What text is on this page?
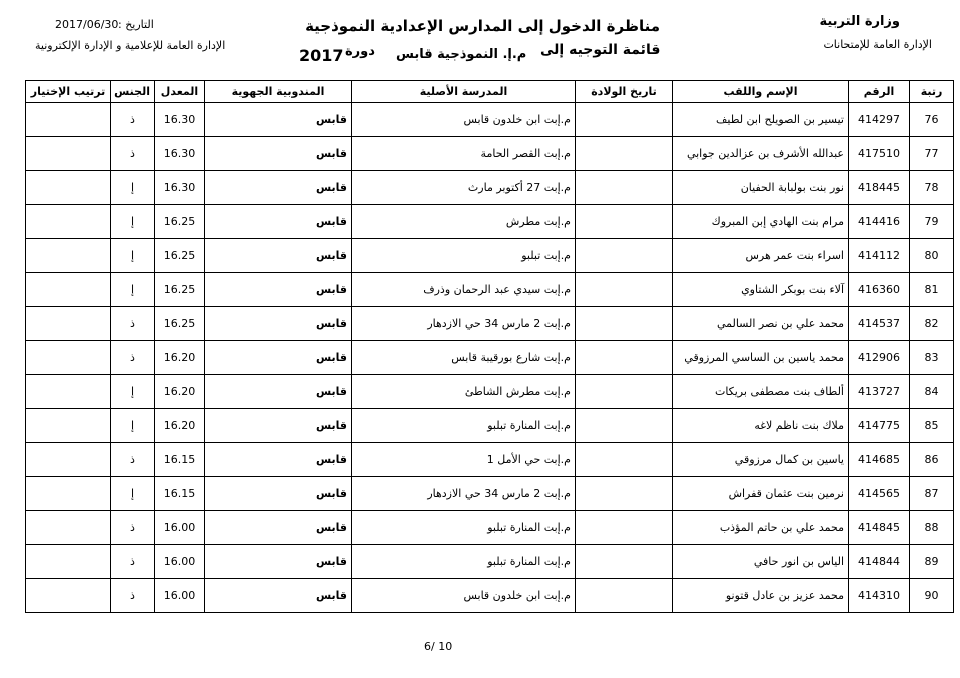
وزارة التربية
الإدارة العامة للإمتحانات
التاريخ :
2017/06/30
الإدارة العامة للإعلامية و الإدارة الإلكترونية
مناظرة الدخول إلى المدارس الإعدادية النموذجية
قائمة التوجيه إلى
م.إ. النموذجية قابس
دورة
2017
رتبة	الرقم	الإسم واللقب	تاريخ الولادة	المدرسة الأصلية	المندوبية الجهوية	المعدل	الجنس	ترتيب الإختيار
76	414297	تيسير بن الصويلح ابن لطيف		م.إبت ابن خلدون قابس	قابس	16.30	ذ	
77	417510	عبدالله الأشرف بن عزالدين جوابي		م.إبت القصر الحامة	قابس	16.30	ذ	
78	418445	نور بنت بولبابة الحفيان		م.إبت 27 أكتوبر مارث	قابس	16.30	إ	
79	414416	مرام بنت الهادي إبن المبروك		م.إبت مطرش	قابس	16.25	إ	
80	414112	اسراء بنت عمر هرس		م.إبت تبلبو	قابس	16.25	إ	
81	416360	آلاء بنت بوبكر الشتاوي		م.إبت سيدي عبد الرحمان وذرف	قابس	16.25	إ	
82	414537	محمد علي بن نصر السالمي		م.إبت 2 مارس 34 حي الازدهار	قابس	16.25	ذ	
83	412906	محمد ياسين بن الساسي المرزوقي		م.إبت شارع بورقيبة قابس	قابس	16.20	ذ	
84	413727	ألطاف بنت مصطفى بريكات		م.إبت مطرش الشاطئ	قابس	16.20	إ	
85	414775	ملاك بنت ناظم لاغه		م.إبت المنارة تبلبو	قابس	16.20	إ	
86	414685	ياسين بن كمال مرزوقي		م.إبت حي الأمل 1	قابس	16.15	ذ	
87	414565	نرمين بنت عثمان قفراش		م.إبت 2 مارس 34 حي الازدهار	قابس	16.15	إ	
88	414845	محمد علي بن حاتم المؤذب		م.إبت المنارة تبلبو	قابس	16.00	ذ	
89	414844	الياس بن انور حافي		م.إبت المنارة تبلبو	قابس	16.00	ذ	
90	414310	محمد عزيز بن عادل قتونو		م.إبت ابن خلدون قابس	قابس	16.00	ذ	
6/ 10
